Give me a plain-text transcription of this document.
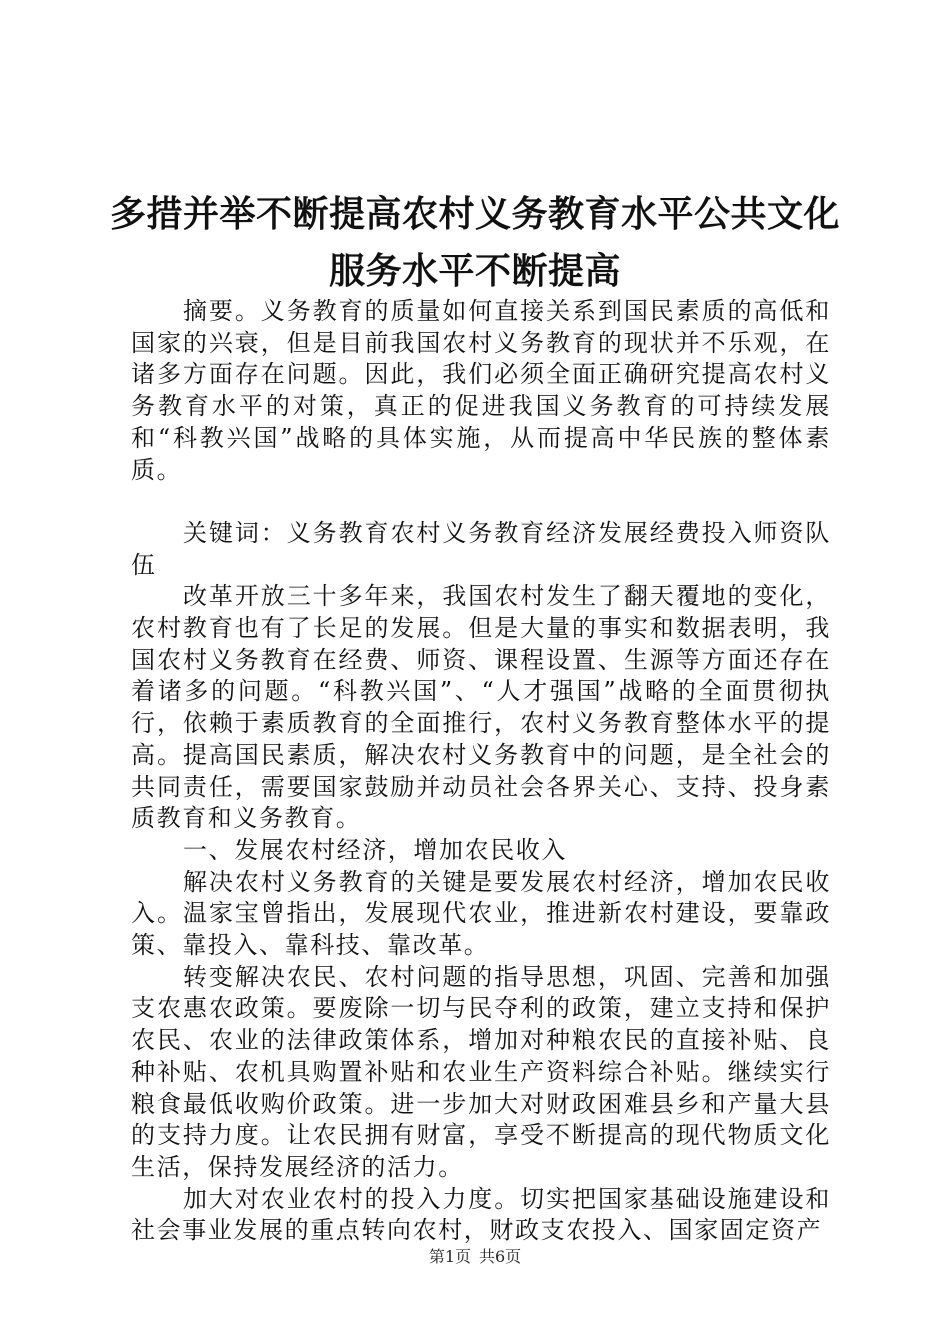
多措并举不断提高农村义务教育水平公共文化
服务水平不断提高

摘要。义务教育的质量如何直接关系到国民素质的高低和国家的兴衰，但是目前我国农村义务教育的现状并不乐观，在诸多方面存在问题。因此，我们必须全面正确研究提高农村义务教育水平的对策，真正的促进我国义务教育的可持续发展和“科教兴国”战略的具体实施，从而提高中华民族的整体素质。

关键词：义务教育农村义务教育经济发展经费投入师资队伍

改革开放三十多年来，我国农村发生了翻天覆地的变化，农村教育也有了长足的发展。但是大量的事实和数据表明，我国农村义务教育在经费、师资、课程设置、生源等方面还存在着诸多的问题。“科教兴国”、“人才强国”战略的全面贯彻执行，依赖于素质教育的全面推行，农村义务教育整体水平的提高。提高国民素质，解决农村义务教育中的问题，是全社会的共同责任，需要国家鼓励并动员社会各界关心、支持、投身素质教育和义务教育。

一、发展农村经济，增加农民收入

解决农村义务教育的关键是要发展农村经济，增加农民收入。温家宝曾指出，发展现代农业，推进新农村建设，要靠政策、靠投入、靠科技、靠改革。

转变解决农民、农村问题的指导思想，巩固、完善和加强支农惠农政策。要废除一切与民夺利的政策，建立支持和保护农民、农业的法律政策体系，增加对种粮农民的直接补贴、良种补贴、农机具购置补贴和农业生产资料综合补贴。继续实行粮食最低收购价政策。进一步加大对财政困难县乡和产量大县的支持力度。让农民拥有财富，享受不断提高的现代物质文化生活，保持发展经济的活力。

加大对农业农村的投入力度。切实把国家基础设施建设和社会事业发展的重点转向农村，财政支农投入、国家固定资产

第1页 共6页
